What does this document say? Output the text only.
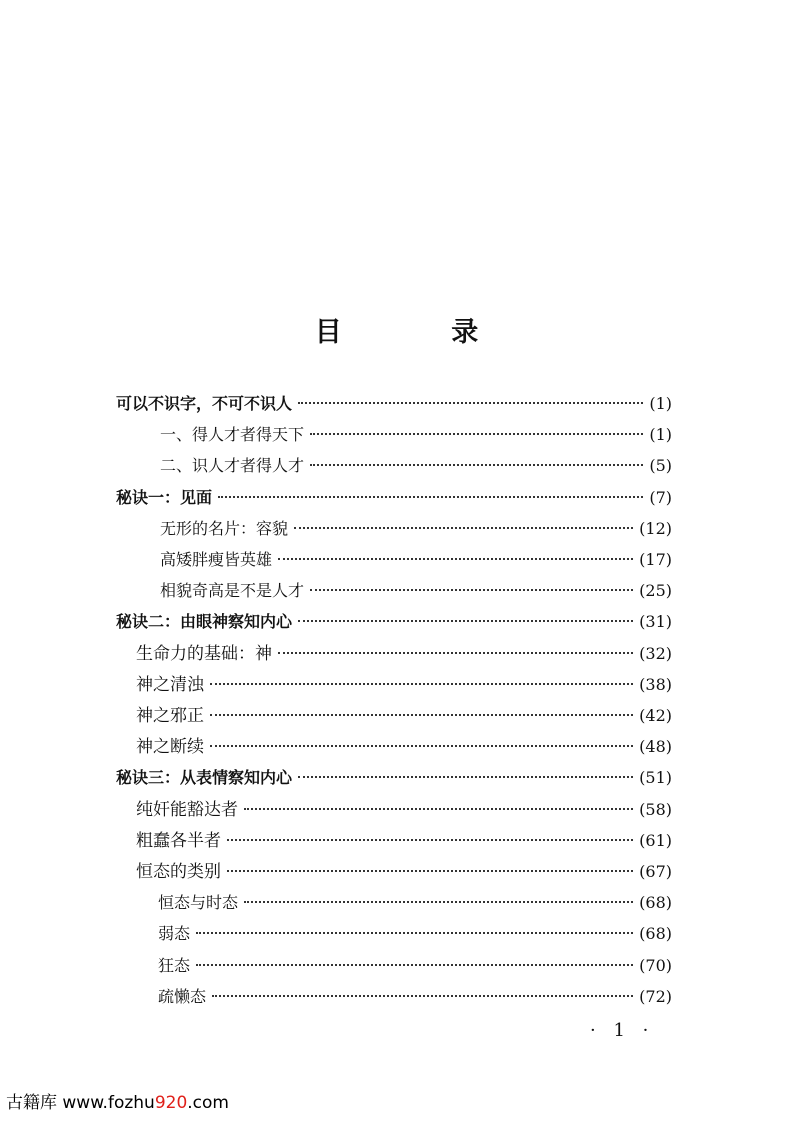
目 录
可以不识字，不可不识人	(1)
一、得人才者得天下	(1)
二、识人才者得人才	(5)
秘诀一：见面	(7)
无形的名片：容貌	(12)
高矮胖瘦皆英雄	(17)
相貌奇高是不是人才	(25)
秘诀二：由眼神察知内心	(31)
生命力的基础：神	(32)
神之清浊	(38)
神之邪正	(42)
神之断续	(48)
秘诀三：从表情察知内心	(51)
纯奸能豁达者	(58)
粗蠢各半者	(61)
恒态的类别	(67)
恒态与时态	(68)
弱态	(68)
狂态	(70)
疏懒态	(72)
· 1 ·
古籍库 www.fozhu920.com
